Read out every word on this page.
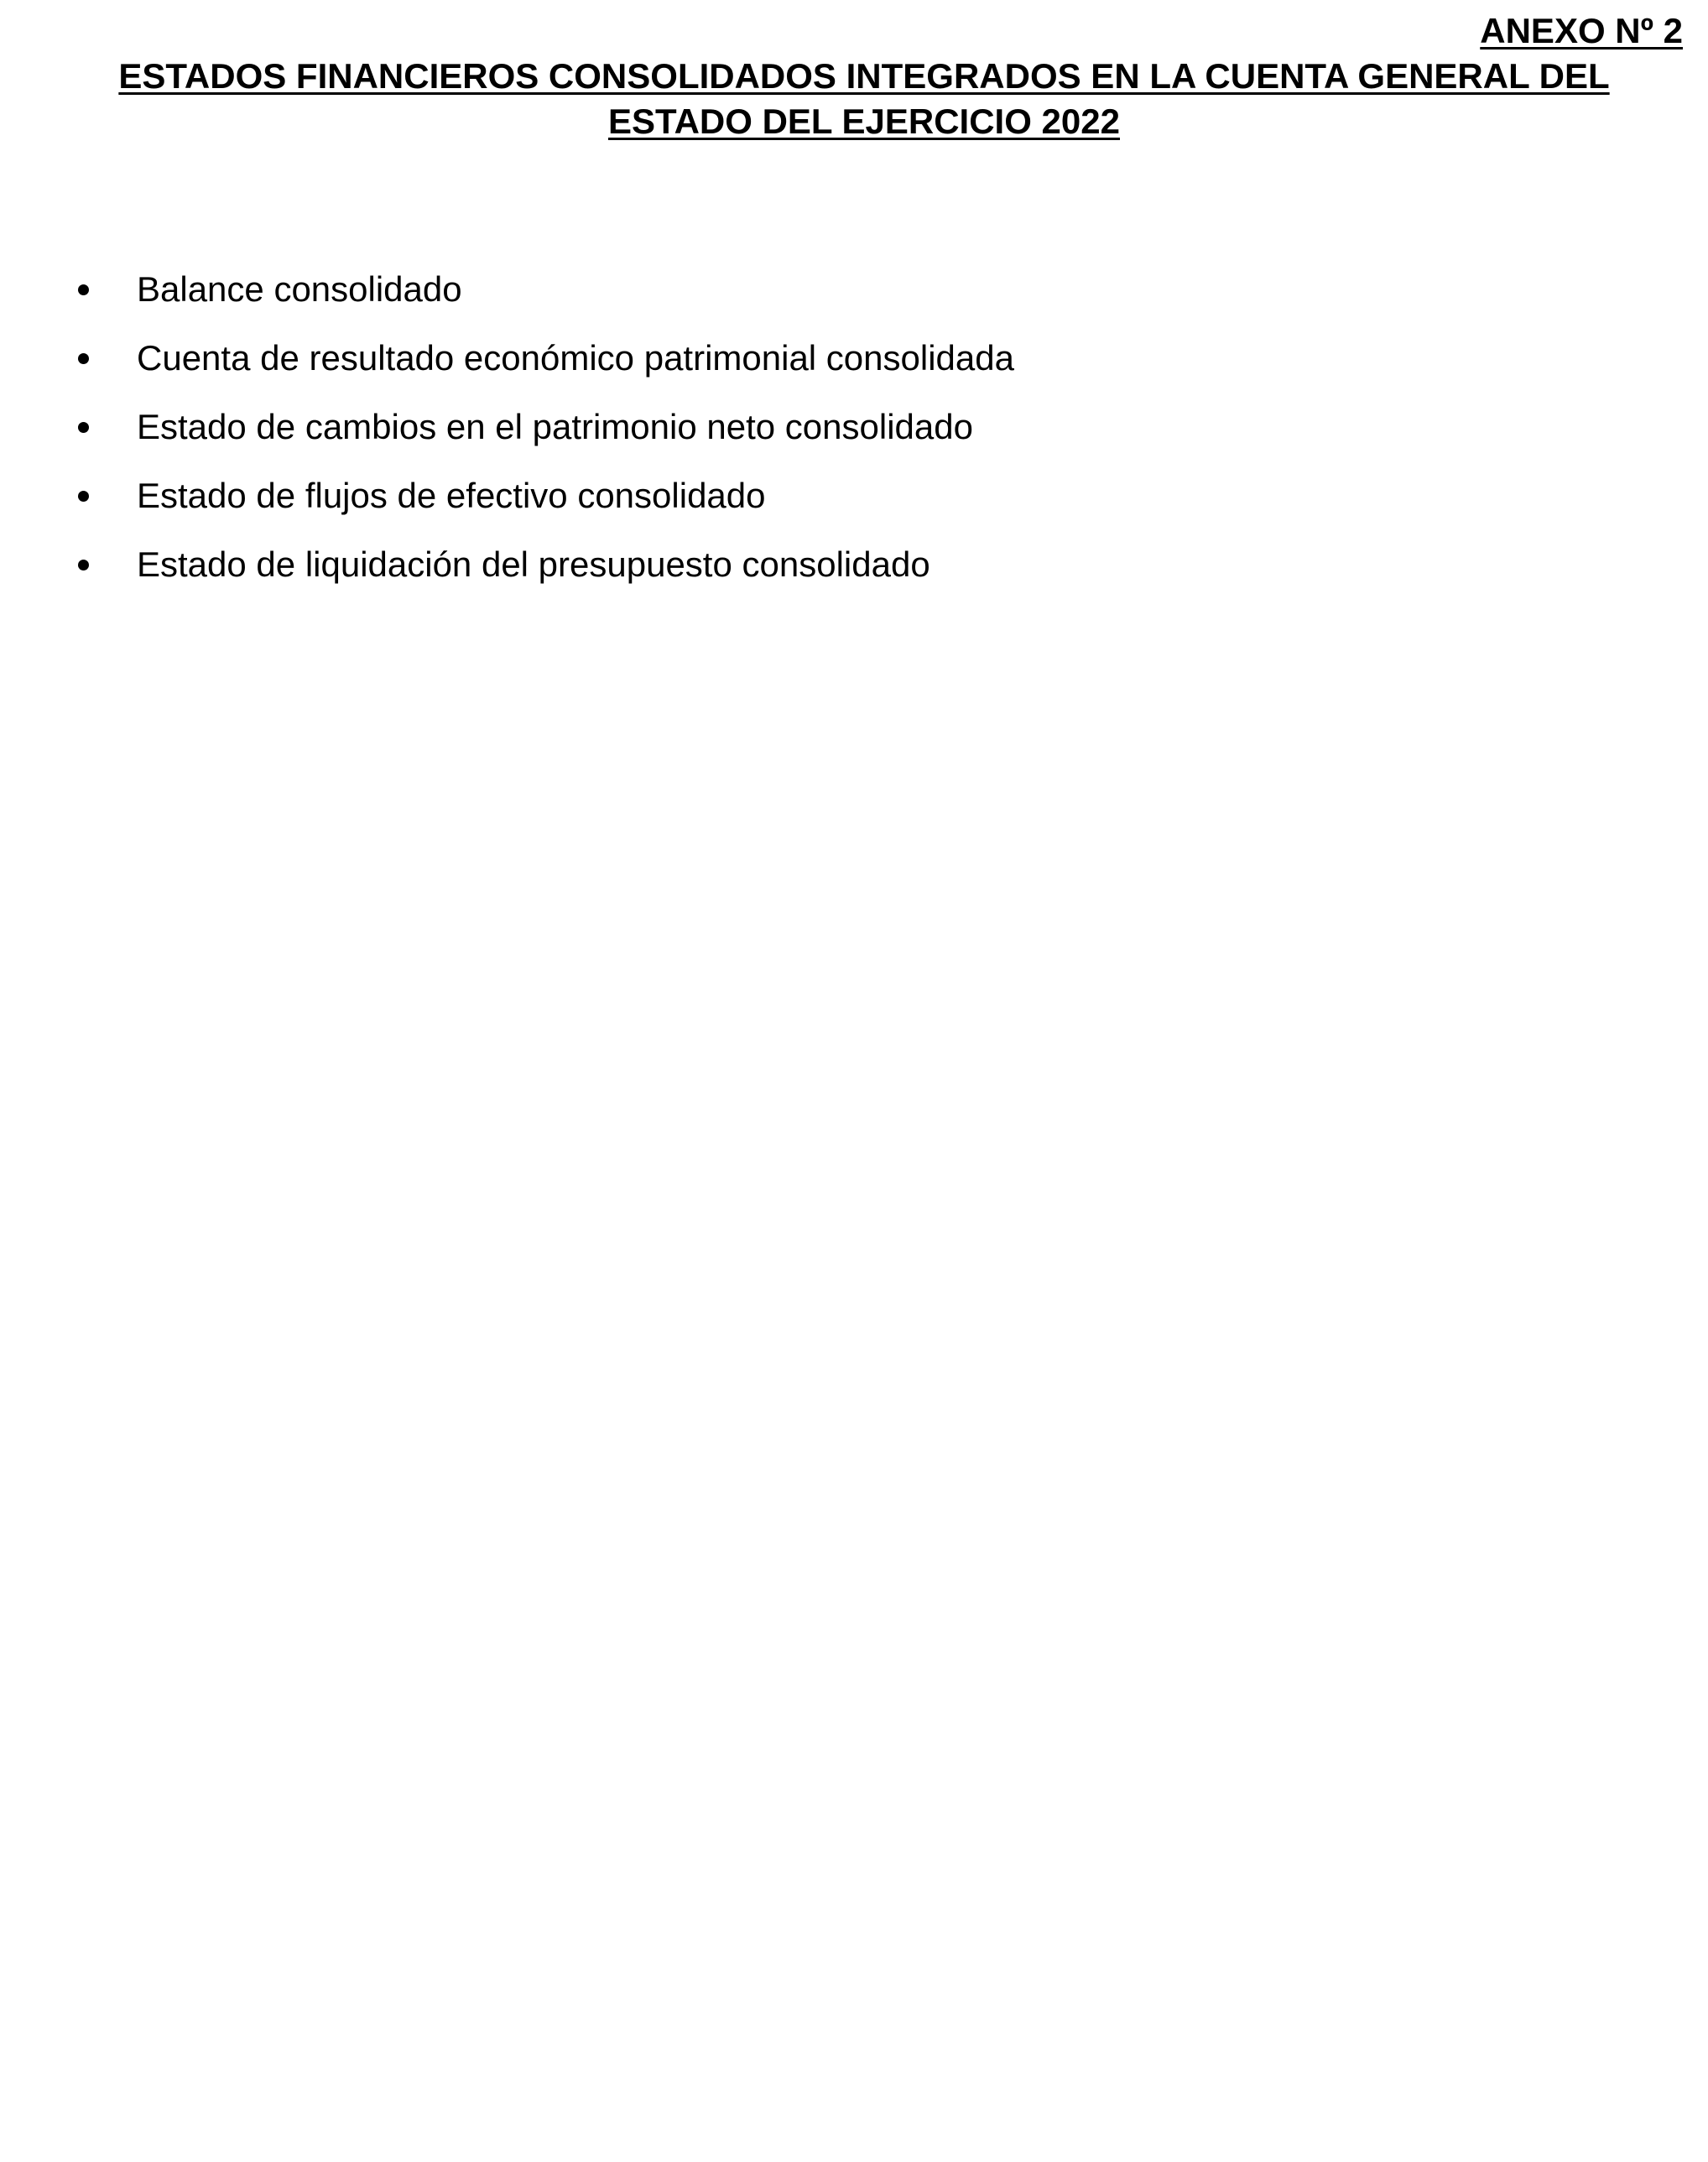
ANEXO Nº 2
ESTADOS FINANCIEROS CONSOLIDADOS INTEGRADOS EN LA CUENTA GENERAL DEL
ESTADO DEL EJERCICIO 2022
Balance consolidado
Cuenta de resultado económico patrimonial consolidada
Estado de cambios en el patrimonio neto consolidado
Estado de flujos de efectivo consolidado
Estado de liquidación del presupuesto consolidado
